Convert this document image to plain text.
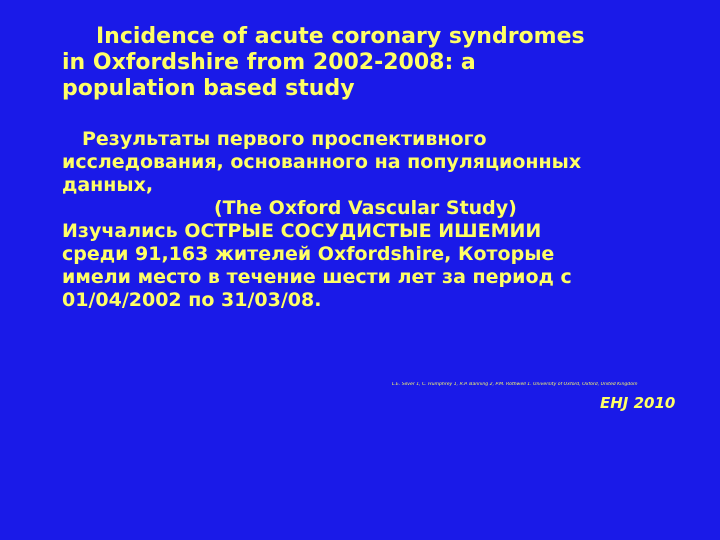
Incidence of acute coronary syndromes
in Oxfordshire from 2002-2008: a
population based study
Результаты первого проспективного
исследования, основанного на популяционных
данных,
(The Oxford Vascular Study)
Изучались ОСТРЫЕ СОСУДИСТЫЕ ИШЕМИИ
среди 91,163 жителей Oxfordshire, Которые
имели место в течение шести лет за период с
01/04/2002 по 31/03/08.
L.E. Silver 1, C. Humphrey 1, R.P. Banning 2, P.M. Rothwell 1. University of Oxford, Oxford, United Kingdom
EHJ 2010
